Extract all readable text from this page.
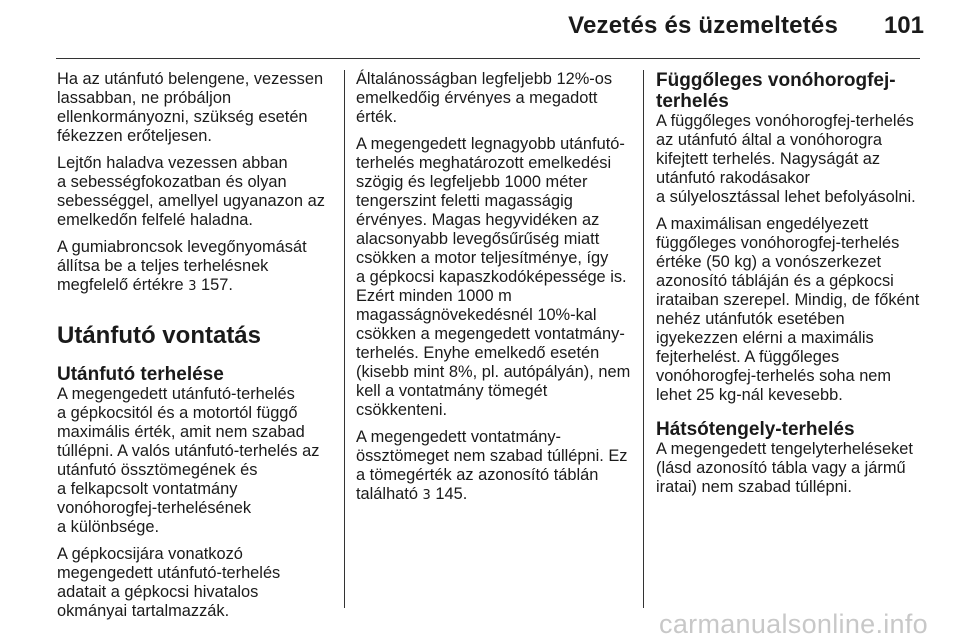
Vezetés és üzemeltetés 101

Ha az utánfutó belengene, vezessen
lassabban, ne próbáljon
ellenkormányozni, szükség esetén
fékezzen erőteljesen.

Lejtőn haladva vezessen abban
a sebességfokozatban és olyan
sebességgel, amellyel ugyanazon az
emelkedőn felfelé haladna.

A gumiabroncsok levegőnyomását
állítsa be a teljes terhelésnek
megfelelő értékre 3 157.

Utánfutó vontatás
Utánfutó terhelése

A megengedett utánfutó-terhelés
a gépkocsitól és a motortól függő
maximális érték, amit nem szabad
túllépni. A valós utánfutó-terhelés az
utánfutó össztömegének és
a felkapcsolt vontatmány
vonóhorogfej-terhelésének
a különbsége.

A gépkocsijára vonatkozó
megengedett utánfutó-terhelés
adatait a gépkocsi hivatalos
okmányai tartalmazzák.

Általánosságban legfeljebb 12%-os
emelkedőig érvényes a megadott
érték.

A megengedett legnagyobb utánfutó-
terhelés meghatározott emelkedési
szögig és legfeljebb 1000 méter
tengerszint feletti magasságig
érvényes. Magas hegyvidéken az
alacsonyabb levegősűrűség miatt
csökken a motor teljesítménye, így
a gépkocsi kapaszkodóképessége is.
Ezért minden 1000 m
magasságnövekedésnél 10%-kal
csökken a megengedett vontatmány-
terhelés. Enyhe emelkedő esetén
(kisebb mint 8%, pl. autópályán), nem
kell a vontatmány tömegét
csökkenteni.

A megengedett vontatmány-
össztömeget nem szabad túllépni. Ez
a tömegérték az azonosító táblán
található 3 145.

Függőleges vonóhorogfej-
terhelés

A függőleges vonóhorogfej-terhelés
az utánfutó által a vonóhorogra
kifejtett terhelés. Nagyságát az
utánfutó rakodásakor
a súlyelosztással lehet befolyásolni.

A maximálisan engedélyezett
függőleges vonóhorogfej-terhelés
értéke (50 kg) a vonószerkezet
azonosító tábláján és a gépkocsi
irataiban szerepel. Mindig, de főként
nehéz utánfutók esetében
igyekezzen elérni a maximális
fejterhelést. A függőleges
vonóhorogfej-terhelés soha nem
lehet 25 kg-nál kevesebb.

Hátsótengely-terhelés

A megengedett tengelyterheléseket
(lásd azonosító tábla vagy a jármű
iratai) nem szabad túllépni.

carmanualsonline.info
